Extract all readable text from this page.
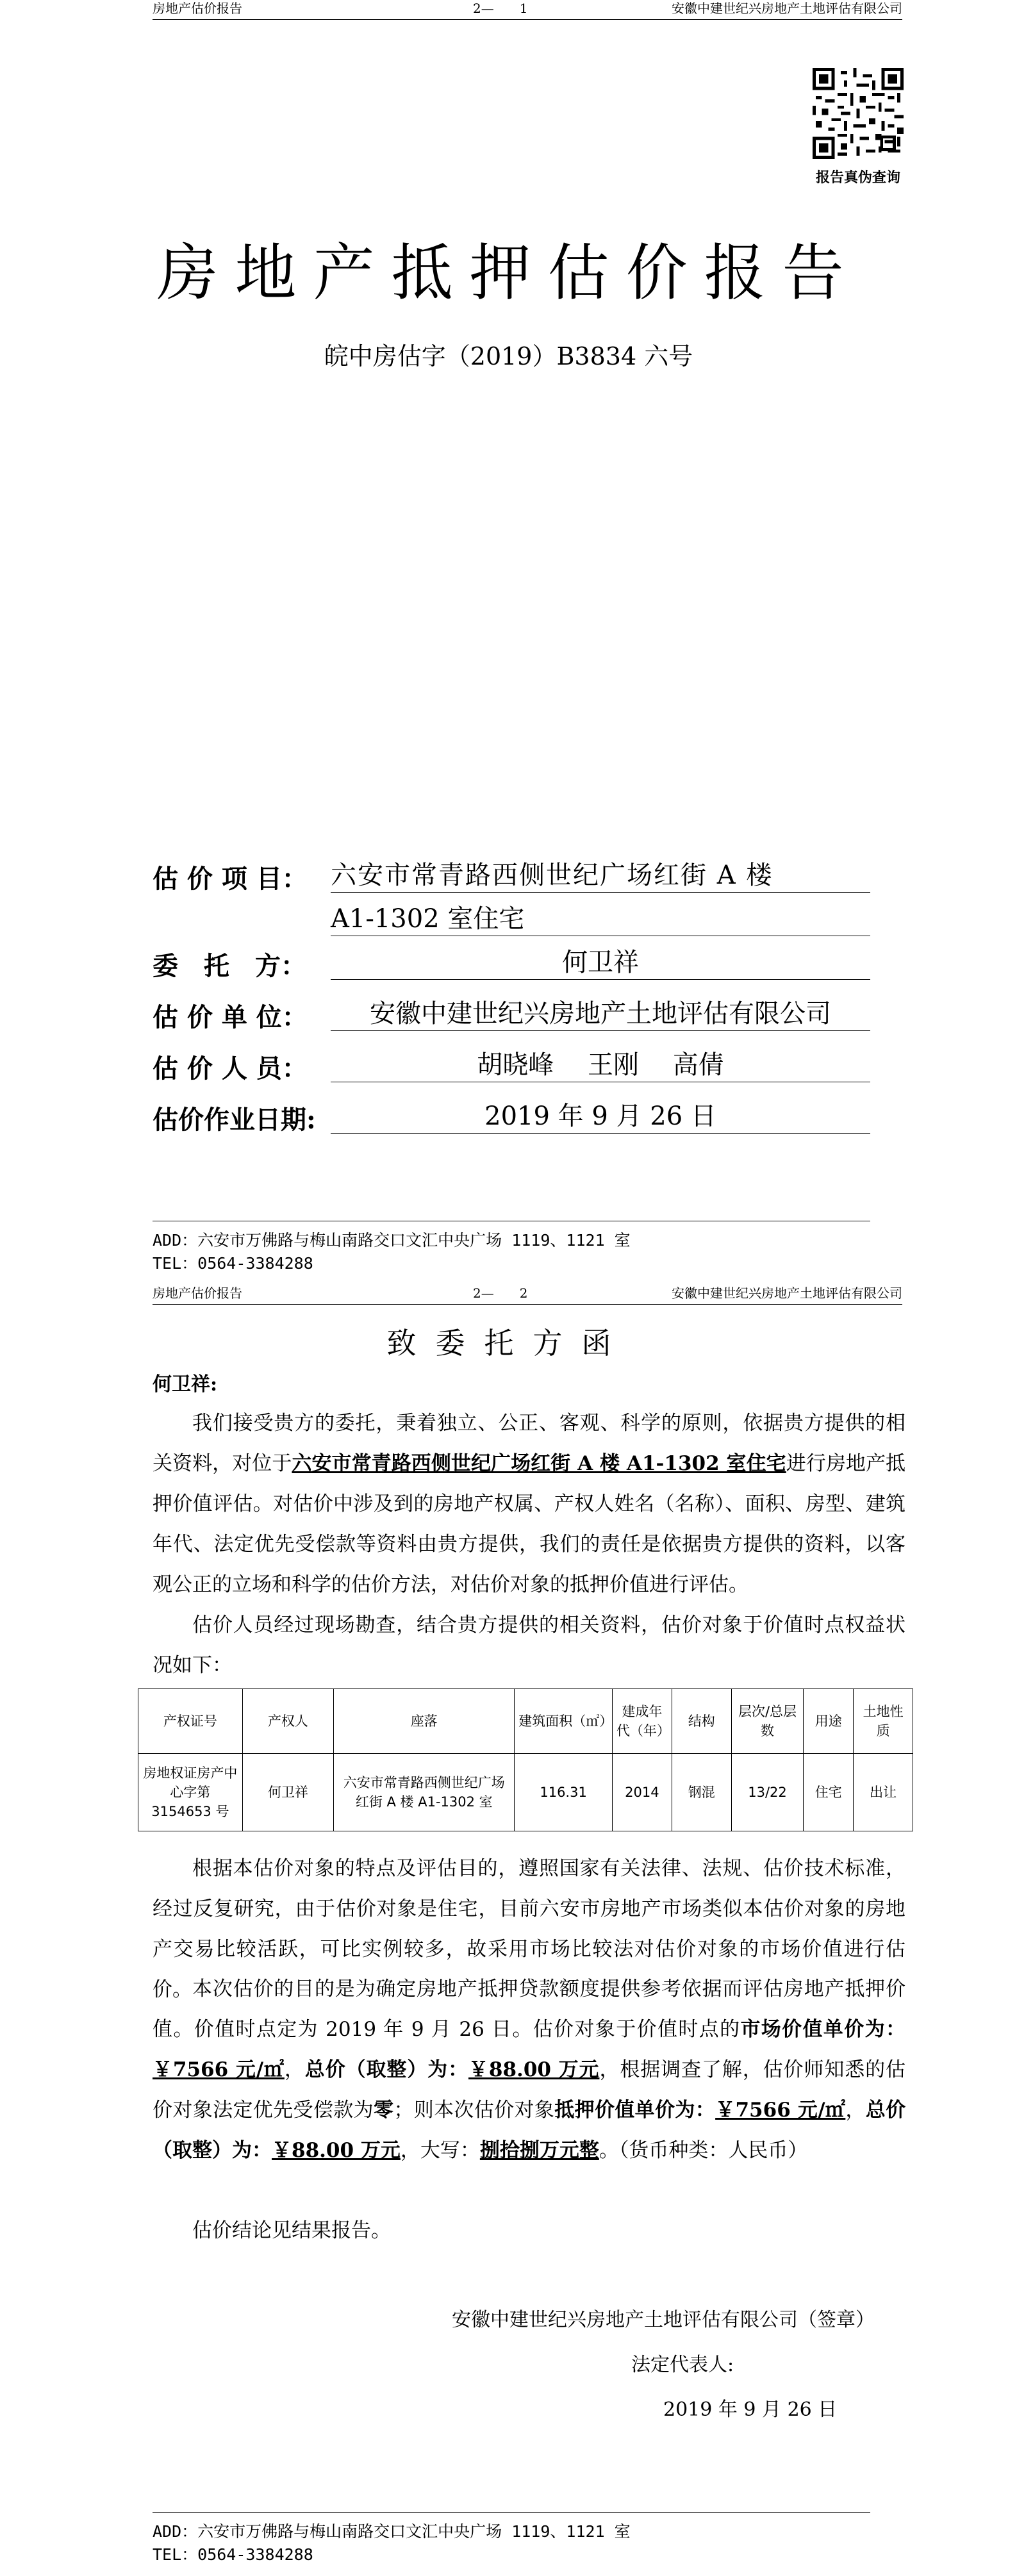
房地产估价报告	2—　　1	安徽中建世纪兴房地产土地评估有限公司
报告真伪查询
房地产抵押估价报告
皖中房估字（2019）B3834 六号
估 价 项 目： 六安市常青路西侧世纪广场红街 A 楼
A1-1302 室住宅
委　托　方：	何卫祥
估 价 单 位：	安徽中建世纪兴房地产土地评估有限公司
估 价 人 员：	胡晓峰　 王刚　 高倩
估价作业日期:	2019 年 9 月 26 日
ADD：六安市万佛路与梅山南路交口文汇中央广场 1119、1121 室
TEL：0564-3384288
房地产估价报告	2—　　2	安徽中建世纪兴房地产土地评估有限公司
致委托方函
何卫祥:

我们接受贵方的委托，秉着独立、公正、客观、科学的原则，依据贵方提供的相关资料，对位于六安市常青路西侧世纪广场红街 A 楼 A1-1302 室住宅进行房地产抵押价值评估。对估价中涉及到的房地产权属、产权人姓名（名称）、面积、房型、建筑年代、法定优先受偿款等资料由贵方提供，我们的责任是依据贵方提供的资料，以客观公正的立场和科学的估价方法，对估价对象的抵押价值进行评估。

估价人员经过现场勘查，结合贵方提供的相关资料，估价对象于价值时点权益状况如下：

产权证号	产权人	座落	建筑面积（㎡）	建成年代（年）	结构	层次/总层数	用途	土地性质
房地权证房产中心字第 3154653 号	何卫祥	六安市常青路西侧世纪广场红街 A 楼 A1-1302 室	116.31	2014	钢混	13/22	住宅	出让

根据本估价对象的特点及评估目的，遵照国家有关法律、法规、估价技术标准，经过反复研究，由于估价对象是住宅，目前六安市房地产市场类似本估价对象的房地产交易比较活跃，可比实例较多，故采用市场比较法对估价对象的市场价值进行估价。 本次估价的目的是为确定房地产抵押贷款额度提供参考依据而评估房地产抵押价值。价值时点定为 2019 年 9 月 26 日。估价对象于价值时点的市场价值单价为：￥7566 元/㎡，总价（取整）为：￥88.00 万元，根据调查了解，估价师知悉的估价对象法定优先受偿款为零；则本次估价对象抵押价值单价为：￥7566 元/㎡，总价（取整）为：￥88.00 万元，大写：捌拾捌万元整。（货币种类：人民币）

估价结论见结果报告。

安徽中建世纪兴房地产土地评估有限公司（签章）
法定代表人:
2019 年 9 月 26 日
ADD：六安市万佛路与梅山南路交口文汇中央广场 1119、1121 室
TEL：0564-3384288
